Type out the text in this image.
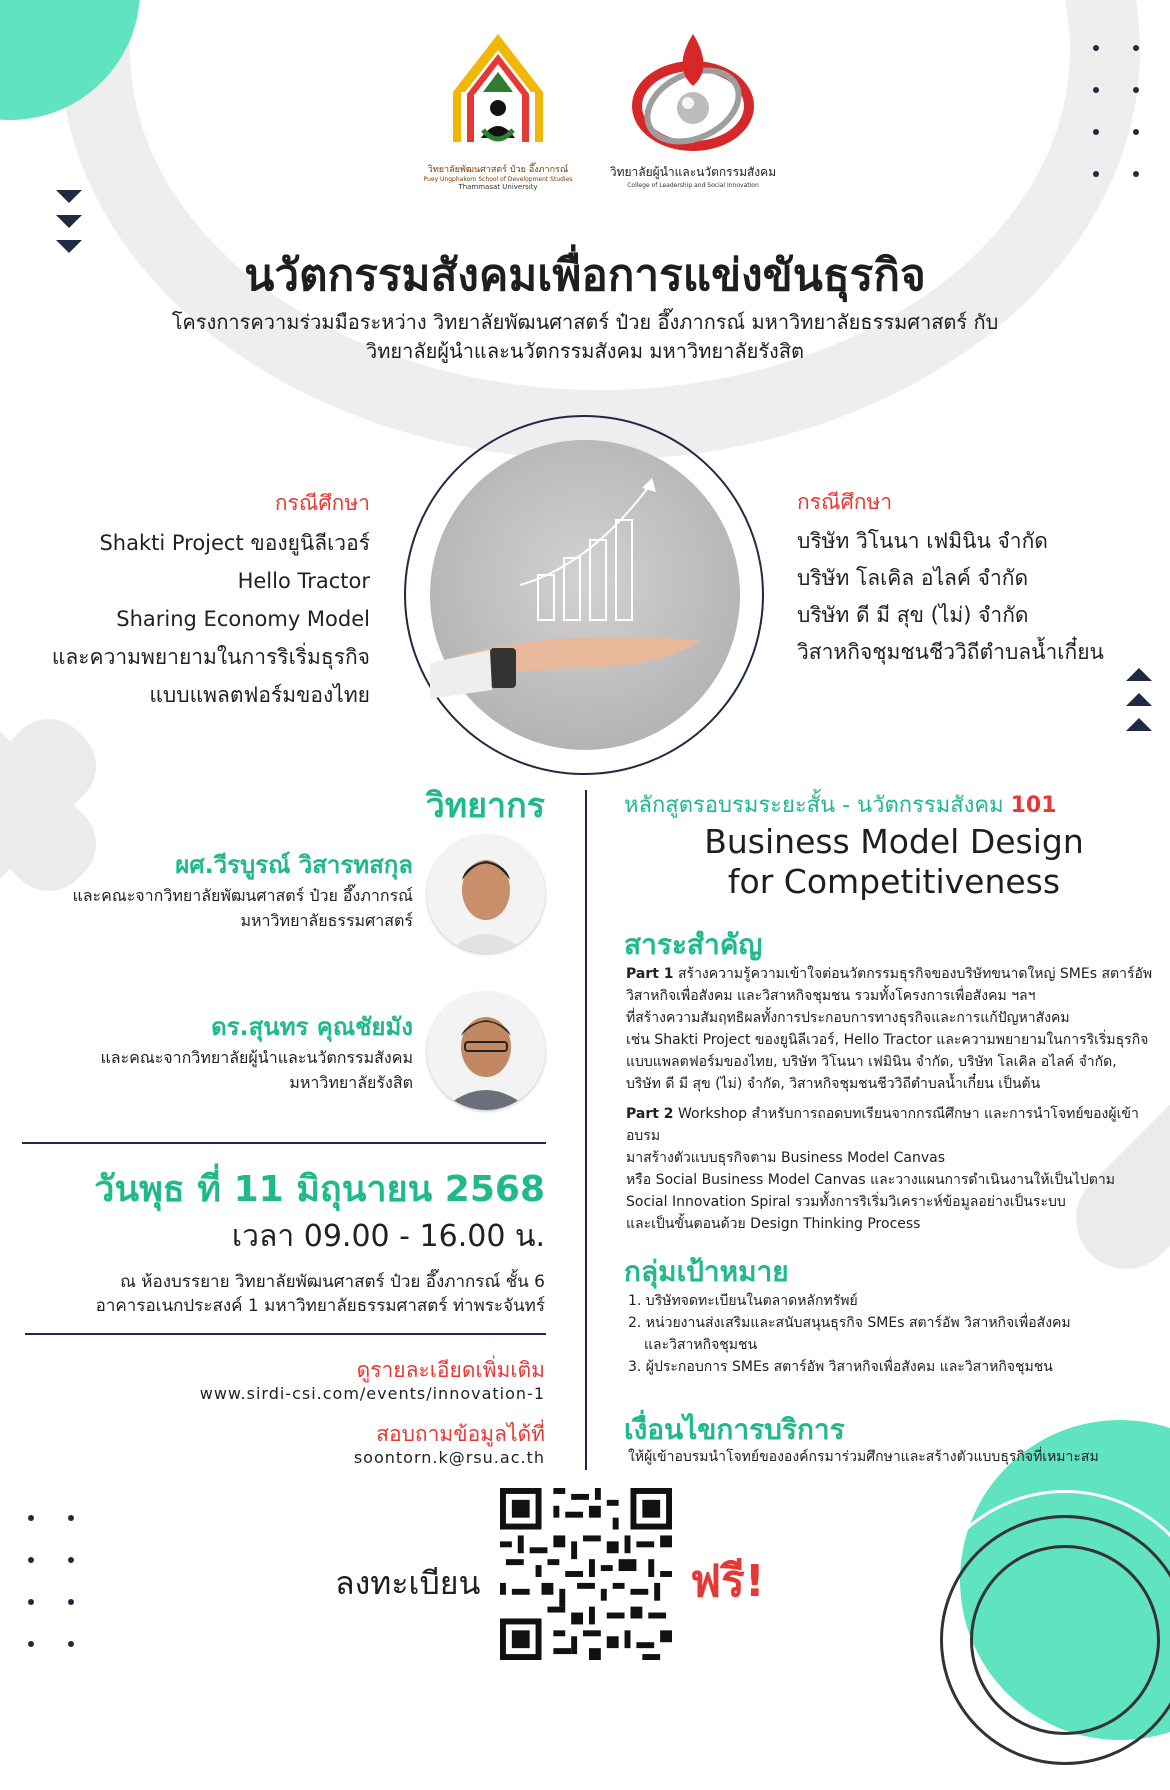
วิทยาลัยพัฒนศาสตร์ ป๋วย อึ๊งภากรณ์
Puey Ungphakorn School of Development Studies
Thammasat University
วิทยาลัยผู้นำและนวัตกรรมสังคม
College of Leadership and Social Innovation
นวัตกรรมสังคมเพื่อการแข่งขันธุรกิจ
โครงการความร่วมมือระหว่าง วิทยาลัยพัฒนศาสตร์ ป๋วย อึ๊งภากรณ์ มหาวิทยาลัยธรรมศาสตร์ กับ
วิทยาลัยผู้นำและนวัตกรรมสังคม มหาวิทยาลัยรังสิต
กรณีศึกษา
Shakti Project ของยูนิลีเวอร์
Hello Tractor
Sharing Economy Model
และความพยายามในการริเริ่มธุรกิจ
แบบแพลตฟอร์มของไทย
กรณีศึกษา
บริษัท วิโนนา เฟมินิน จำกัด
บริษัท โลเคิล อไลค์ จำกัด
บริษัท ดี มี สุข (ไม่) จำกัด
วิสาหกิจชุมชนชีววิถีตำบลน้ำเกี๋ยน
วิทยากร
ผศ.วีรบูรณ์ วิสารทสกุล
และคณะจากวิทยาลัยพัฒนศาสตร์ ป๋วย อึ๊งภากรณ์
มหาวิทยาลัยธรรมศาสตร์
ดร.สุนทร คุณชัยมัง
และคณะจากวิทยาลัยผู้นำและนวัตกรรมสังคม
มหาวิทยาลัยรังสิต
วันพุธ ที่ 11 มิถุนายน 2568
เวลา 09.00 - 16.00 น.
ณ ห้องบรรยาย วิทยาลัยพัฒนศาสตร์ ป๋วย อึ๊งภากรณ์ ชั้น 6
อาคารอเนกประสงค์ 1 มหาวิทยาลัยธรรมศาสตร์ ท่าพระจันทร์
ดูรายละเอียดเพิ่มเติม
www.sirdi-csi.com/events/innovation-1
สอบถามข้อมูลได้ที่
soontorn.k@rsu.ac.th
หลักสูตรอบรมระยะสั้น - นวัตกรรมสังคม 101
Business Model Design
for Competitiveness
สาระสำคัญ
Part 1 สร้างความรู้ความเข้าใจต่อนวัตกรรมธุรกิจของบริษัทขนาดใหญ่ SMEs สตาร์อัพ
วิสาหกิจเพื่อสังคม และวิสาหกิจชุมชน รวมทั้งโครงการเพื่อสังคม ฯลฯ
ที่สร้างความสัมฤทธิผลทั้งการประกอบการทางธุรกิจและการแก้ปัญหาสังคม
เช่น Shakti Project ของยูนิลีเวอร์, Hello Tractor และความพยายามในการริเริ่มธุรกิจ
แบบแพลตฟอร์มของไทย, บริษัท วิโนนา เฟมินิน จำกัด, บริษัท โลเคิล อไลค์ จำกัด,
บริษัท ดี มี สุข (ไม่) จำกัด, วิสาหกิจชุมชนชีววิถีตำบลน้ำเกี๋ยน เป็นต้น
Part 2 Workshop สำหรับการถอดบทเรียนจากกรณีศึกษา และการนำโจทย์ของผู้เข้าอบรม
มาสร้างตัวแบบธุรกิจตาม Business Model Canvas
หรือ Social Business Model Canvas และวางแผนการดำเนินงานให้เป็นไปตาม
Social Innovation Spiral รวมทั้งการริเริ่มวิเคราะห์ข้อมูลอย่างเป็นระบบ
และเป็นขั้นตอนด้วย Design Thinking Process
กลุ่มเป้าหมาย
1. บริษัทจดทะเบียนในตลาดหลักทรัพย์
2. หน่วยงานส่งเสริมและสนับสนุนธุรกิจ SMEs สตาร์อัพ วิสาหกิจเพื่อสังคม
และวิสาหกิจชุมชน
3. ผู้ประกอบการ SMEs สตาร์อัพ วิสาหกิจเพื่อสังคม และวิสาหกิจชุมชน
เงื่อนไขการบริการ
ให้ผู้เข้าอบรมนำโจทย์ขององค์กรมาร่วมศึกษาและสร้างตัวแบบธุรกิจที่เหมาะสม
ลงทะเบียน	ฟรี!
